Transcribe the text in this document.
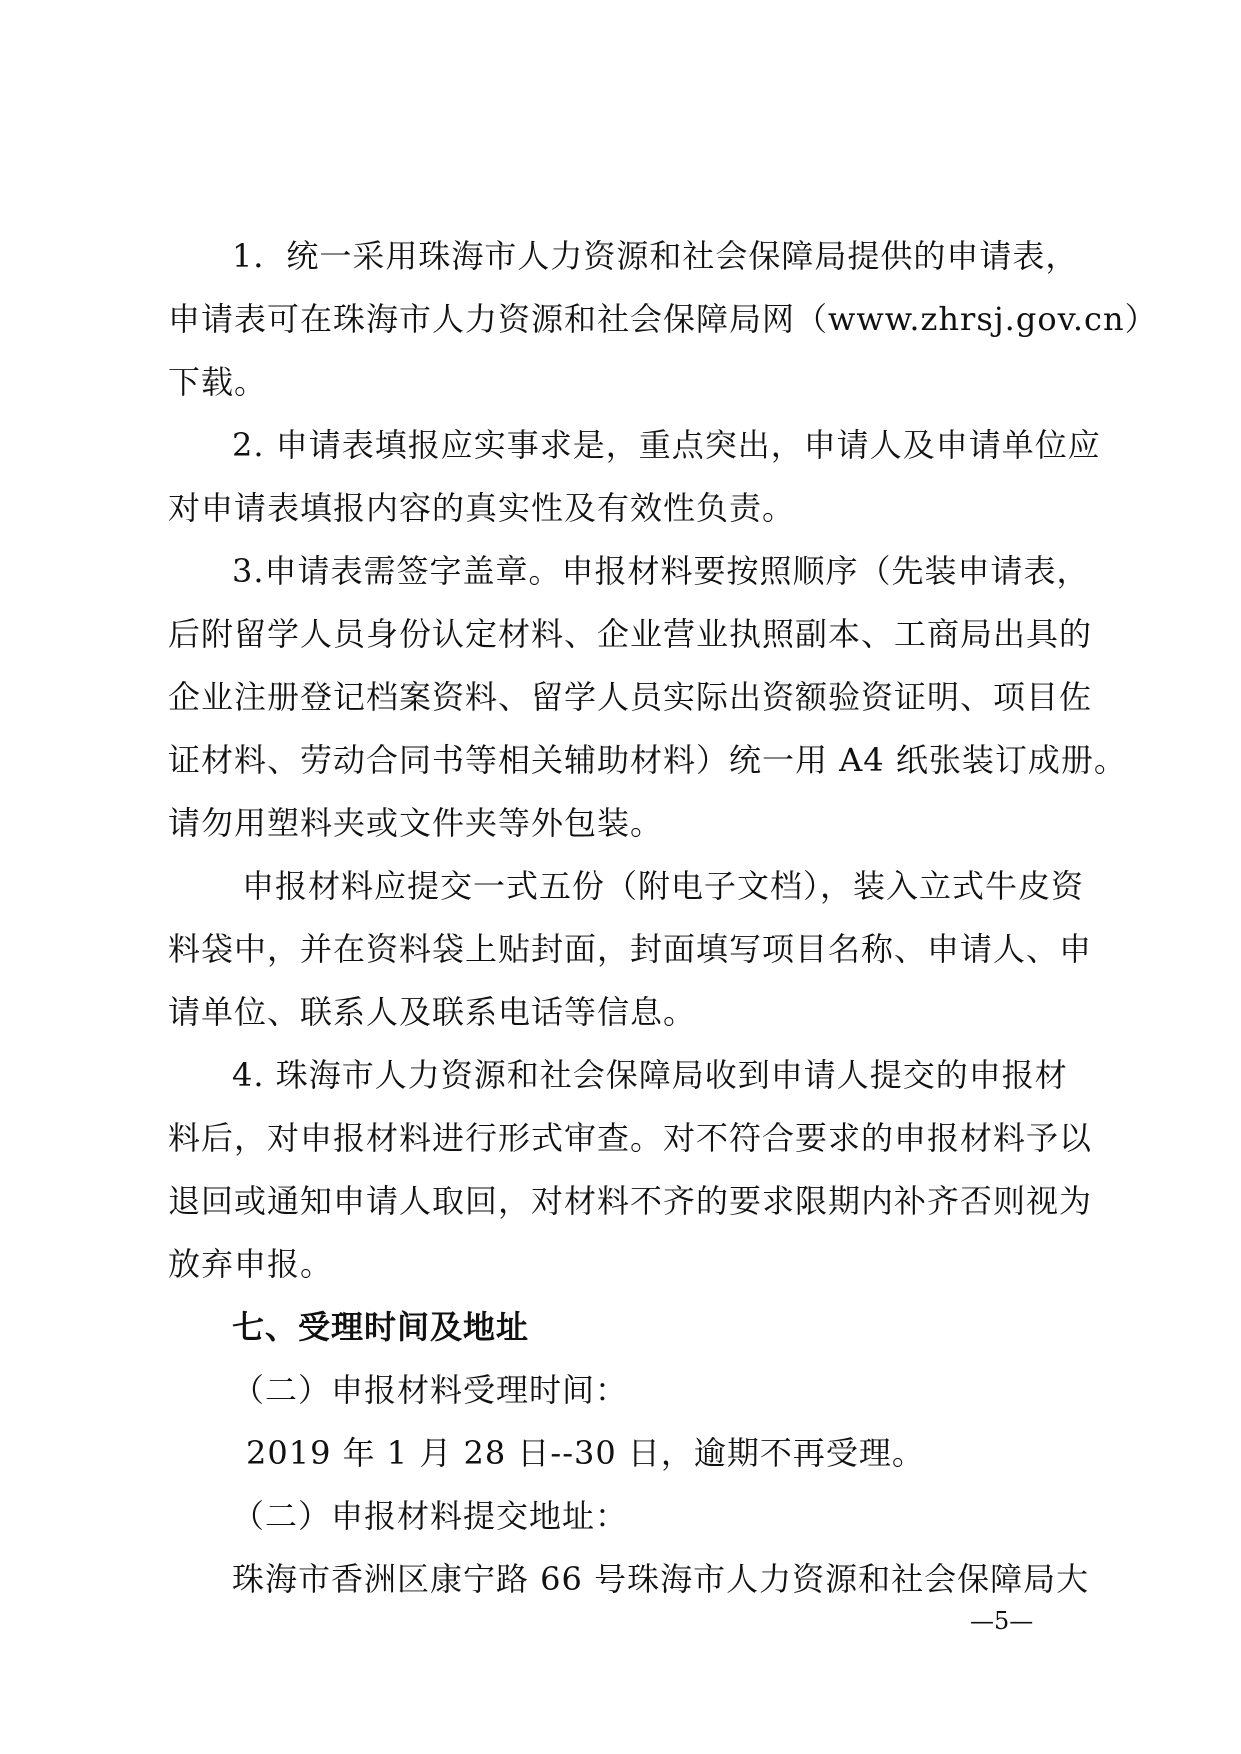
1．统一采用珠海市人力资源和社会保障局提供的申请表，
申请表可在珠海市人力资源和社会保障局网（www.zhrsj.gov.cn）
下载。
2. 申请表填报应实事求是，重点突出，申请人及申请单位应
对申请表填报内容的真实性及有效性负责。
3.申请表需签字盖章。申报材料要按照顺序（先装申请表，
后附留学人员身份认定材料、企业营业执照副本、工商局出具的
企业注册登记档案资料、留学人员实际出资额验资证明、项目佐
证材料、劳动合同书等相关辅助材料）统一用 A4 纸张装订成册。
请勿用塑料夹或文件夹等外包装。
申报材料应提交一式五份（附电子文档），装入立式牛皮资
料袋中，并在资料袋上贴封面，封面填写项目名称、申请人、申
请单位、联系人及联系电话等信息。
4. 珠海市人力资源和社会保障局收到申请人提交的申报材
料后，对申报材料进行形式审查。对不符合要求的申报材料予以
退回或通知申请人取回，对材料不齐的要求限期内补齐否则视为
放弃申报。
七、受理时间及地址
（二）申报材料受理时间：
2019 年 1 月 28 日--30 日，逾期不再受理。
（二）申报材料提交地址：
珠海市香洲区康宁路 66 号珠海市人力资源和社会保障局大
—5—
